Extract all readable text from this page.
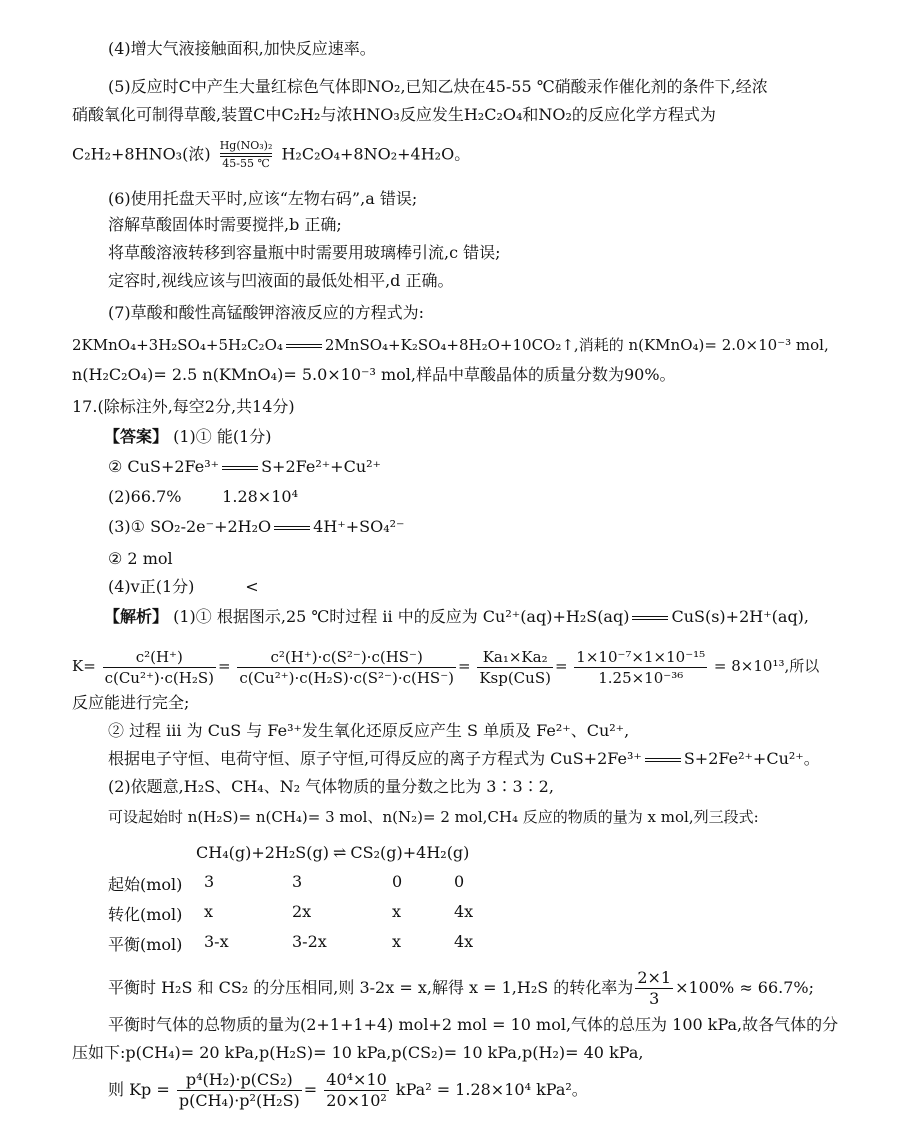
(4)增大气液接触面积,加快反应速率。
(5)反应时C中产生大量红棕色气体即NO₂,已知乙炔在45-55 ℃硝酸汞作催化剂的条件下,经浓
硝酸氧化可制得草酸,装置C中C₂H₂与浓HNO₃反应发生H₂C₂O₄和NO₂的反应化学方程式为
C₂H₂+8HNO₃(浓) $\frac{\text{Hg(NO₃)₂}}{45-55 ℃} H_2C_2O_4+8NO_2+4H_2O$。
(6)使用托盘天平时,应该“左物右码”,a 错误;
溶解草酸固体时需要搅拌,b 正确;
将草酸溶液转移到容量瓶中时需要用玻璃棒引流,c 错误;
定容时,视线应该与凹液面的最低处相平,d 正确。
(7)草酸和酸性高锰酸钾溶液反应的方程式为:
2KMnO₄+3H₂SO₄+5H₂C₂O₄	2MnSO₄+K₂SO₄+8H₂O+10CO₂↑,消耗的 n(KMnO₄)= 2.0×10⁻³ mol,
n(H₂C₂O₄)= 2.5 n(KMnO₄)= 5.0×10⁻³ mol,样品中草酸晶体的质量分数为90%。
17.(除标注外,每空2分,共14分)
【答案】 (1)① 能(1分)
② CuS+2Fe³⁺	S+2Fe²⁺+Cu²⁺
(2)66.7%        1.28×10⁴
(3)① SO₂-2e⁻+2H₂O	4H⁺+SO₄²⁻
② 2 mol
(4)v正(1分)          <
【解析】 (1)① 根据图示,25 ℃时过程 ii 中的反应为 Cu²⁺(aq)+H₂S(aq)	CuS(s)+2H⁺(aq),
$K= \frac{\text{c²(H⁺)}}{\text{c(Cu²⁺)·c(H₂S)}} = \frac{\text{c²(H⁺)·c(S²⁻)·c(HS⁻)}}{\text{c(Cu²⁺)·c(H₂S)·c(S²⁻)·c(HS⁻)}} = \frac{\text{Ka₁×Ka₂}}{\text{Ksp(CuS)}} = \frac{\text{1×10⁻⁷×1×10⁻¹⁵}}{\text{1.25×10⁻³⁶}} = 8\times 10^{13}$,所以
反应能进行完全;
② 过程 iii 为 CuS 与 Fe³⁺发生氧化还原反应产生 S 单质及 Fe²⁺、Cu²⁺,
根据电子守恒、电荷守恒、原子守恒,可得反应的离子方程式为 CuS+2Fe³⁺	S+2Fe²⁺+Cu²⁺。
(2)依题意,H₂S、CH₄、N₂ 气体物质的量分数之比为 3∶3∶2,
可设起始时 n(H₂S)= n(CH₄)= 3 mol、n(N₂)= 2 mol,CH₄ 反应的物质的量为 x mol,列三段式:
CH₄(g)+2H₂S(g) ⇌ CS₂(g)+4H₂(g)
起始(mol) 3	3	0	0
转化(mol) x	2x	x	4x
平衡(mol) 3-x	3-2x	x	4x
平衡时 H₂S 和 CS₂ 的分压相同,则 3-2x = x,解得 x = 1,H₂S 的转化率为 $\frac{2\times 1}{3} \times 100\% \approx 66.7\%$;
平衡时气体的总物质的量为(2+1+1+4) mol+2 mol = 10 mol,气体的总压为 100 kPa,故各气体的分
压如下:p(CH₄)= 20 kPa,p(H₂S)= 10 kPa,p(CS₂)= 10 kPa,p(H₂)= 40 kPa,
则 $Kp = \frac{\text{p⁴(H₂)·p(CS₂)}}{\text{p(CH₄)·p²(H₂S)}} = \frac{\text{40⁴×10}}{\text{20×10²}} kPa^2 = 1.28\times 10^4$ kPa²。
